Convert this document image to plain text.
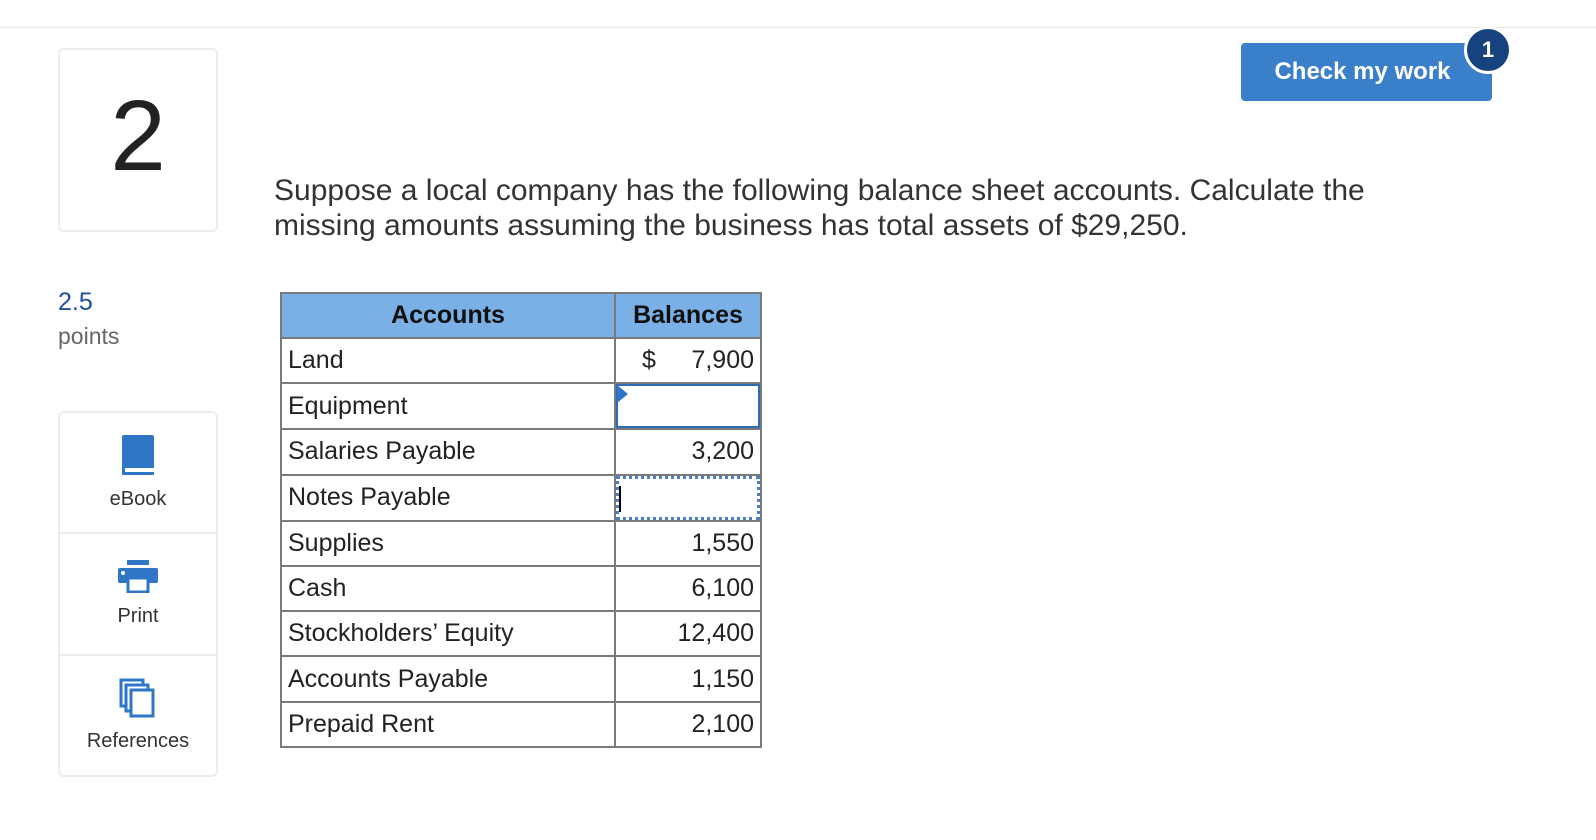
2
2.5
points
eBook
Print
References
Check my work
1
Suppose a local company has the following balance sheet accounts. Calculate the missing amounts assuming the business has total assets of $29,250.
Accounts	Balances
Land	$ 7,900
Equipment	

Salaries Payable	3,200
Notes Payable	

Supplies	1,550
Cash	6,100
Stockholders’ Equity	12,400
Accounts Payable	1,150
Prepaid Rent	2,100
